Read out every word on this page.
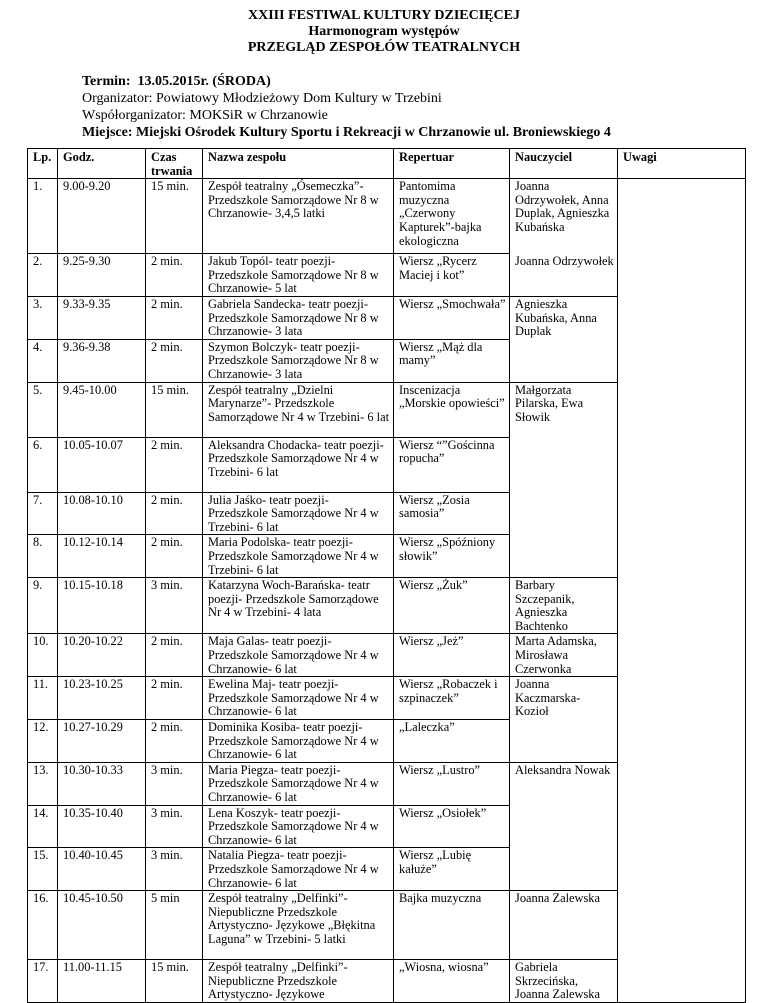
XXIII FESTIWAL KULTURY DZIECIĘCEJ
Harmonogram występów
PRZEGLĄD ZESPOŁÓW TEATRALNYCH
Termin: 13.05.2015r. (ŚRODA)
Organizator: Powiatowy Młodzieżowy Dom Kultury w Trzebini
Współorganizator: MOKSiR w Chrzanowie
Miejsce: Miejski Ośrodek Kultury Sportu i Rekreacji w Chrzanowie ul. Broniewskiego 4
Lp.	Godz.	Czas trwania	Nazwa zespołu	Repertuar	Nauczyciel	Uwagi
1.	9.00-9.20	15 min.	Zespół teatralny „Ósemeczka”- Przedszkole Samorządowe Nr 8 w Chrzanowie- 3,4,5 latki	Pantomima muzyczna „Czerwony Kapturek”-bajka ekologiczna	Joanna Odrzywołek, Anna Duplak, Agnieszka Kubańska	
2.	9.25-9.30	2 min.	Jakub Topól- teatr poezji- Przedszkole Samorządowe Nr 8 w Chrzanowie- 5 lat	Wiersz „Rycerz Maciej i kot”	Joanna Odrzywołek	
3.	9.33-9.35	2 min.	Gabriela Sandecka- teatr poezji- Przedszkole Samorządowe Nr 8 w Chrzanowie- 3 lata	Wiersz „Smochwała”	Agnieszka Kubańska, Anna Duplak	
4.	9.36-9.38	2 min.	Szymon Bolczyk- teatr poezji- Przedszkole Samorządowe Nr 8 w Chrzanowie- 3 lata	Wiersz „Mąż dla mamy”		
5.	9.45-10.00	15 min.	Zespół teatralny „Dzielni Marynarze”- Przedszkole Samorządowe Nr 4 w Trzebini- 6 lat	Inscenizacja „Morskie opowieści”	Małgorzata Pilarska, Ewa Słowik	
6.	10.05-10.07	2 min.	Aleksandra Chodacka- teatr poezji- Przedszkole Samorządowe Nr 4 w Trzebini- 6 lat	Wiersz “”Gościnna ropucha”		
7.	10.08-10.10	2 min.	Julia Jaśko- teatr poezji- Przedszkole Samorządowe Nr 4 w Trzebini- 6 lat	Wiersz „Zosia samosia”		
8.	10.12-10.14	2 min.	Maria Podolska- teatr poezji- Przedszkole Samorządowe Nr 4 w Trzebini- 6 lat	Wiersz „Spóźniony słowik”		
9.	10.15-10.18	3 min.	Katarzyna Woch-Barańska- teatr poezji- Przedszkole Samorządowe Nr 4 w Trzebini- 4 lata	Wiersz „Żuk”	Barbary Szczepanik, Agnieszka Bachtenko	
10.	10.20-10.22	2 min.	Maja Galas- teatr poezji- Przedszkole Samorządowe Nr 4 w Chrzanowie- 6 lat	Wiersz „Jeż”	Marta Adamska, Mirosława Czerwonka	
11.	10.23-10.25	2 min.	Ewelina Maj- teatr poezji- Przedszkole Samorządowe Nr 4 w Chrzanowie- 6 lat	Wiersz „Robaczek i szpinaczek”	Joanna Kaczmarska- Kozioł	
12.	10.27-10.29	2 min.	Dominika Kosiba- teatr poezji- Przedszkole Samorządowe Nr 4 w Chrzanowie- 6 lat	„Laleczka”		
13.	10.30-10.33	3 min.	Maria Piegza- teatr poezji- Przedszkole Samorządowe Nr 4 w Chrzanowie- 6 lat	Wiersz „Lustro”	Aleksandra Nowak	
14.	10.35-10.40	3 min.	Lena Koszyk- teatr poezji- Przedszkole Samorządowe Nr 4 w Chrzanowie- 6 lat	Wiersz „Osiołek”		
15.	10.40-10.45	3 min.	Natalia Piegza- teatr poezji- Przedszkole Samorządowe Nr 4 w Chrzanowie- 6 lat	Wiersz „Lubię kałuże”		
16.	10.45-10.50	5 min	Zespół teatralny „Delfinki”- Niepubliczne Przedszkole Artystyczno- Językowe „Błękitna Laguna” w Trzebini- 5 latki	Bajka muzyczna	Joanna Zalewska	
17.	11.00-11.15	15 min.	Zespół teatralny „Delfinki”- Niepubliczne Przedszkole Artystyczno- Językowe	„Wiosna, wiosna”	Gabriela Skrzecińska, Joanna Zalewska	
